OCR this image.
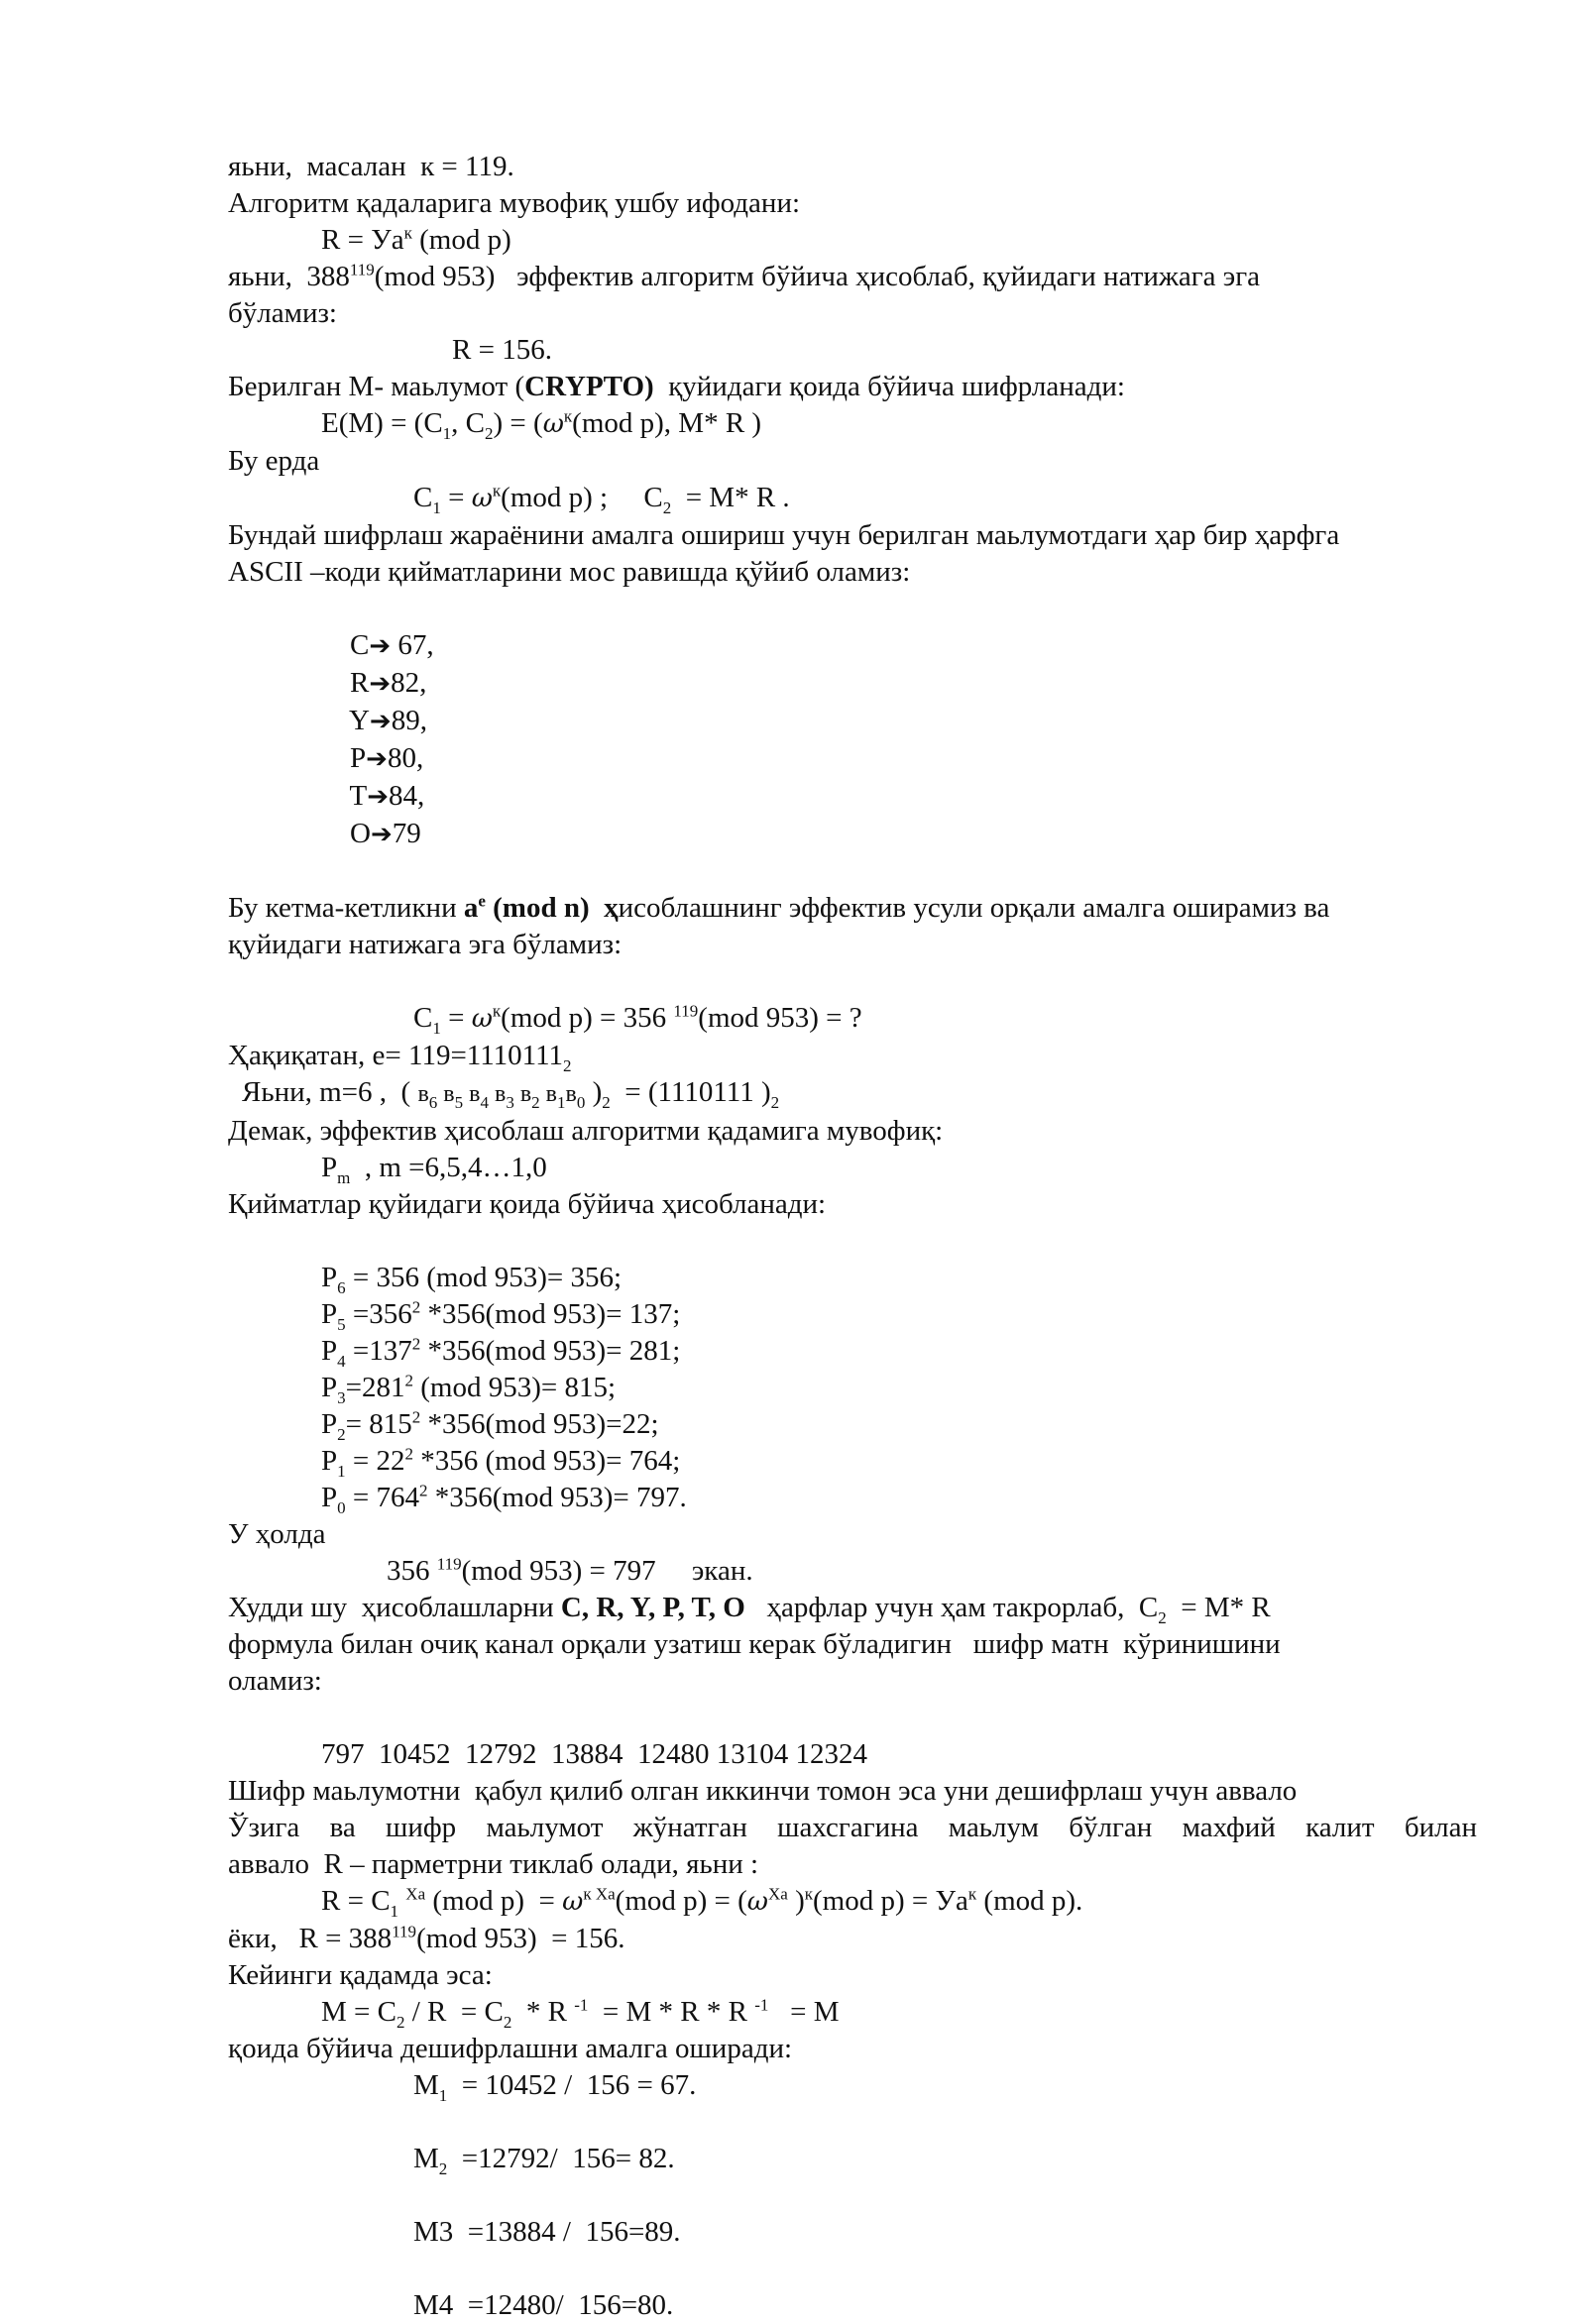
яьни,  масалан  к = 119.
Алгоритм қадаларига мувофиқ ушбу ифодани:
$R = Уа^к$ (mod p)
яьни,  $388^{119}(mod$ 953)   эффектив алгоритм бўйича ҳисоблаб, қуйидаги натижага эга
бўламиз:
R = 156.
Берилган М- маьлумот (CRYPTO)  қуйидаги қоида бўйича шифрланади:
$E(M) = (C_1$, $C_2) = (\omega^к(mod$ p), M* R )
Бу ерда
$C_1 = \omega^к(mod$ p) ;     $C_2 = M*$ R .
Бундай шифрлаш жараёнини амалга ошириш учун берилган маьлумотдаги ҳар бир ҳарфга
ASCII –коди қийматларини мос равишда қўйиб оламиз:

C➔ 67,
R➔82,
Y➔89,
P➔80,
T➔84,
O➔79

Бу кетма-кетликни $a^e$ (mod n)  ҳисоблашнинг эффектив усули орқали амалга оширамиз ва
қуйидаги натижага эга бўламиз:
$C_1 = \omega^к(mod$ p) = 356 $^{119}$(mod 953) = ?
Ҳақиқатан, $e= 119=1110111_2$
Яьни, m=6 ,  ( $в_6$ $в_5$ $в_4$ $в_3$ $в_2$ $в_1в_0$ )$_2 = (1110111$ )$_2$
Демак, эффектив ҳисоблаш алгоритми қадамига мувофиқ:
$P_m$  , m =6,5,4…1,0
Қийматлар қуйидаги қоида бўйича ҳисобланади:
$P_6 = 356$ (mod 953)= 356;
$P_5 =356^2$ *356(mod 953)= 137;
$P_4 =137^2$ *356(mod 953)= 281;
$P_3=281^2$ (mod 953)= 815;
$P_2= 815^2$ *356(mod 953)=22;
$P_1 = 22^2$ *356 (mod 953)= 764;
$P_0 = 764^2$ *356(mod 953)= 797.
У ҳолда
356 $^{119}$(mod 953) = 797     экан.
Худди шу  ҳисоблашларни C, R, Y, P, T, O   ҳарфлар учун ҳам такрорлаб,  $C_2 = M*$ R
формула билан очиқ канал орқали узатиш керак бўладигин   шифр матн  кўринишини
оламиз:
797  10452  12792  13884  12480 13104 12324
Шифр маьлумотни  қабул қилиб олган иккинчи томон эса уни дешифрлаш учун аввало
Ўзига ва шифр маьлумот жўнатган шахсгагина маьлум бўлган махфий калит билан
аввало  R – парметрни тиклаб олади, яьни :
$R = C_1$ $^{Xa}$ (mod $p) = \omega^{к Xa}(mod$ $p) = (\omega^{Xa}$ )$^к$(mod $p) = Уа^к$ (mod p).
ёки,   $R = 388^{119}(mod$ 953)  = 156.
Кейинги қадамда эса:
$M = C_2 / R = C_2 * R$ $^{-1}$  = M * R * R $^{-1}$   = M
қоида бўйича дешифрлашни амалга оширади:
$M_1 = 10452 / 156 = 67$.
$M_2 =12792/$  156= 82.
M3  =13884 /  156=89.
M4  =12480/  156=80.
